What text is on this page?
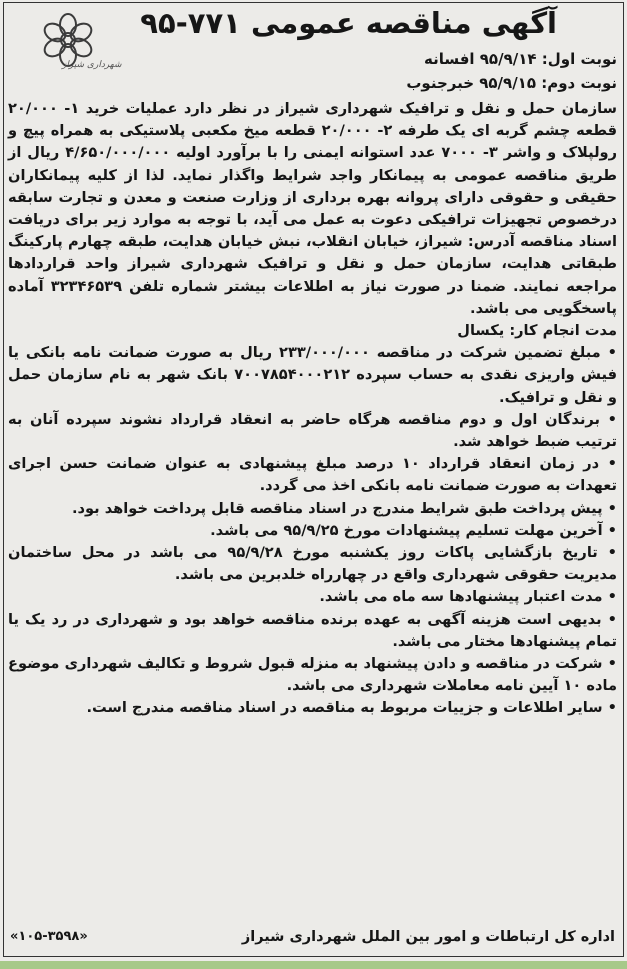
آگهی مناقصه عمومی ۷۷۱-۹۵
نوبت اول: ۹۵/۹/۱۴ افسانه
نوبت دوم: ۹۵/۹/۱۵ خبرجنوب
شهرداری شیراز

سازمان حمل و نقل و ترافیک شهرداری شیراز در نظر دارد عملیات خرید ۱- ۲۰/۰۰۰ قطعه چشم گربه ای یک طرفه ۲- ۲۰/۰۰۰ قطعه میخ مکعبی پلاستیکی به همراه پیچ و رولپلاک و واشر ۳- ۷۰۰۰ عدد استوانه ایمنی را با برآورد اولیه ۴/۶۵۰/۰۰۰/۰۰۰ ریال از طریق مناقصه عمومی به پیمانکار واجد شرایط واگذار نماید. لذا از کلیه پیمانکاران حقیقی و حقوقی دارای پروانه بهره برداری از وزارت صنعت و معدن و تجارت سابقه درخصوص تجهیزات ترافیکی دعوت به عمل می آید، با توجه به موارد زیر برای دریافت اسناد مناقصه آدرس: شیراز، خیابان انقلاب، نبش خیابان هدایت، طبقه چهارم پارکینگ طبقاتی هدایت، سازمان حمل و نقل و ترافیک شهرداری شیراز واحد قراردادها مراجعه نمایند. ضمنا در صورت نیاز به اطلاعات بیشتر شماره تلفن ۳۲۳۴۶۵۳۹ آماده پاسخگویی می باشد.

مدت انجام کار: یکسال

• مبلغ تضمین شرکت در مناقصه ۲۳۳/۰۰۰/۰۰۰ ریال به صورت ضمانت نامه بانکی یا فیش واریزی نقدی به حساب سپرده ۷۰۰۷۸۵۴۰۰۰۲۱۲ بانک شهر به نام سازمان حمل و نقل و ترافیک.
• برندگان اول و دوم مناقصه هرگاه حاضر به انعقاد قرارداد نشوند سپرده آنان به ترتیب ضبط خواهد شد.
• در زمان انعقاد قرارداد ۱۰ درصد مبلغ پیشنهادی به عنوان ضمانت حسن اجرای تعهدات به صورت ضمانت نامه بانکی اخذ می گردد.
• پیش پرداخت طبق شرایط مندرج در اسناد مناقصه قابل پرداخت خواهد بود.
• آخرین مهلت تسلیم پیشنهادات مورخ ۹۵/۹/۲۵ می باشد.
• تاریخ بازگشایی پاکات روز یکشنبه مورخ ۹۵/۹/۲۸ می باشد در محل ساختمان مدیریت حقوقی شهرداری واقع در چهارراه خلدبرین می باشد.
• مدت اعتبار پیشنهادها سه ماه می باشد.
• بدیهی است هزینه آگهی به عهده برنده مناقصه خواهد بود و شهرداری در رد یک یا تمام پیشنهادها مختار می باشد.
• شرکت در مناقصه و دادن پیشنهاد به منزله قبول شروط و تکالیف شهرداری موضوع ماده ۱۰ آیین نامه معاملات شهرداری می باشد.
• سایر اطلاعات و جزییات مربوط به مناقصه در اسناد مناقصه مندرج است.
اداره کل ارتباطات و امور بین الملل شهرداری شیراز
«۱۰۵-۳۵۹۸»
